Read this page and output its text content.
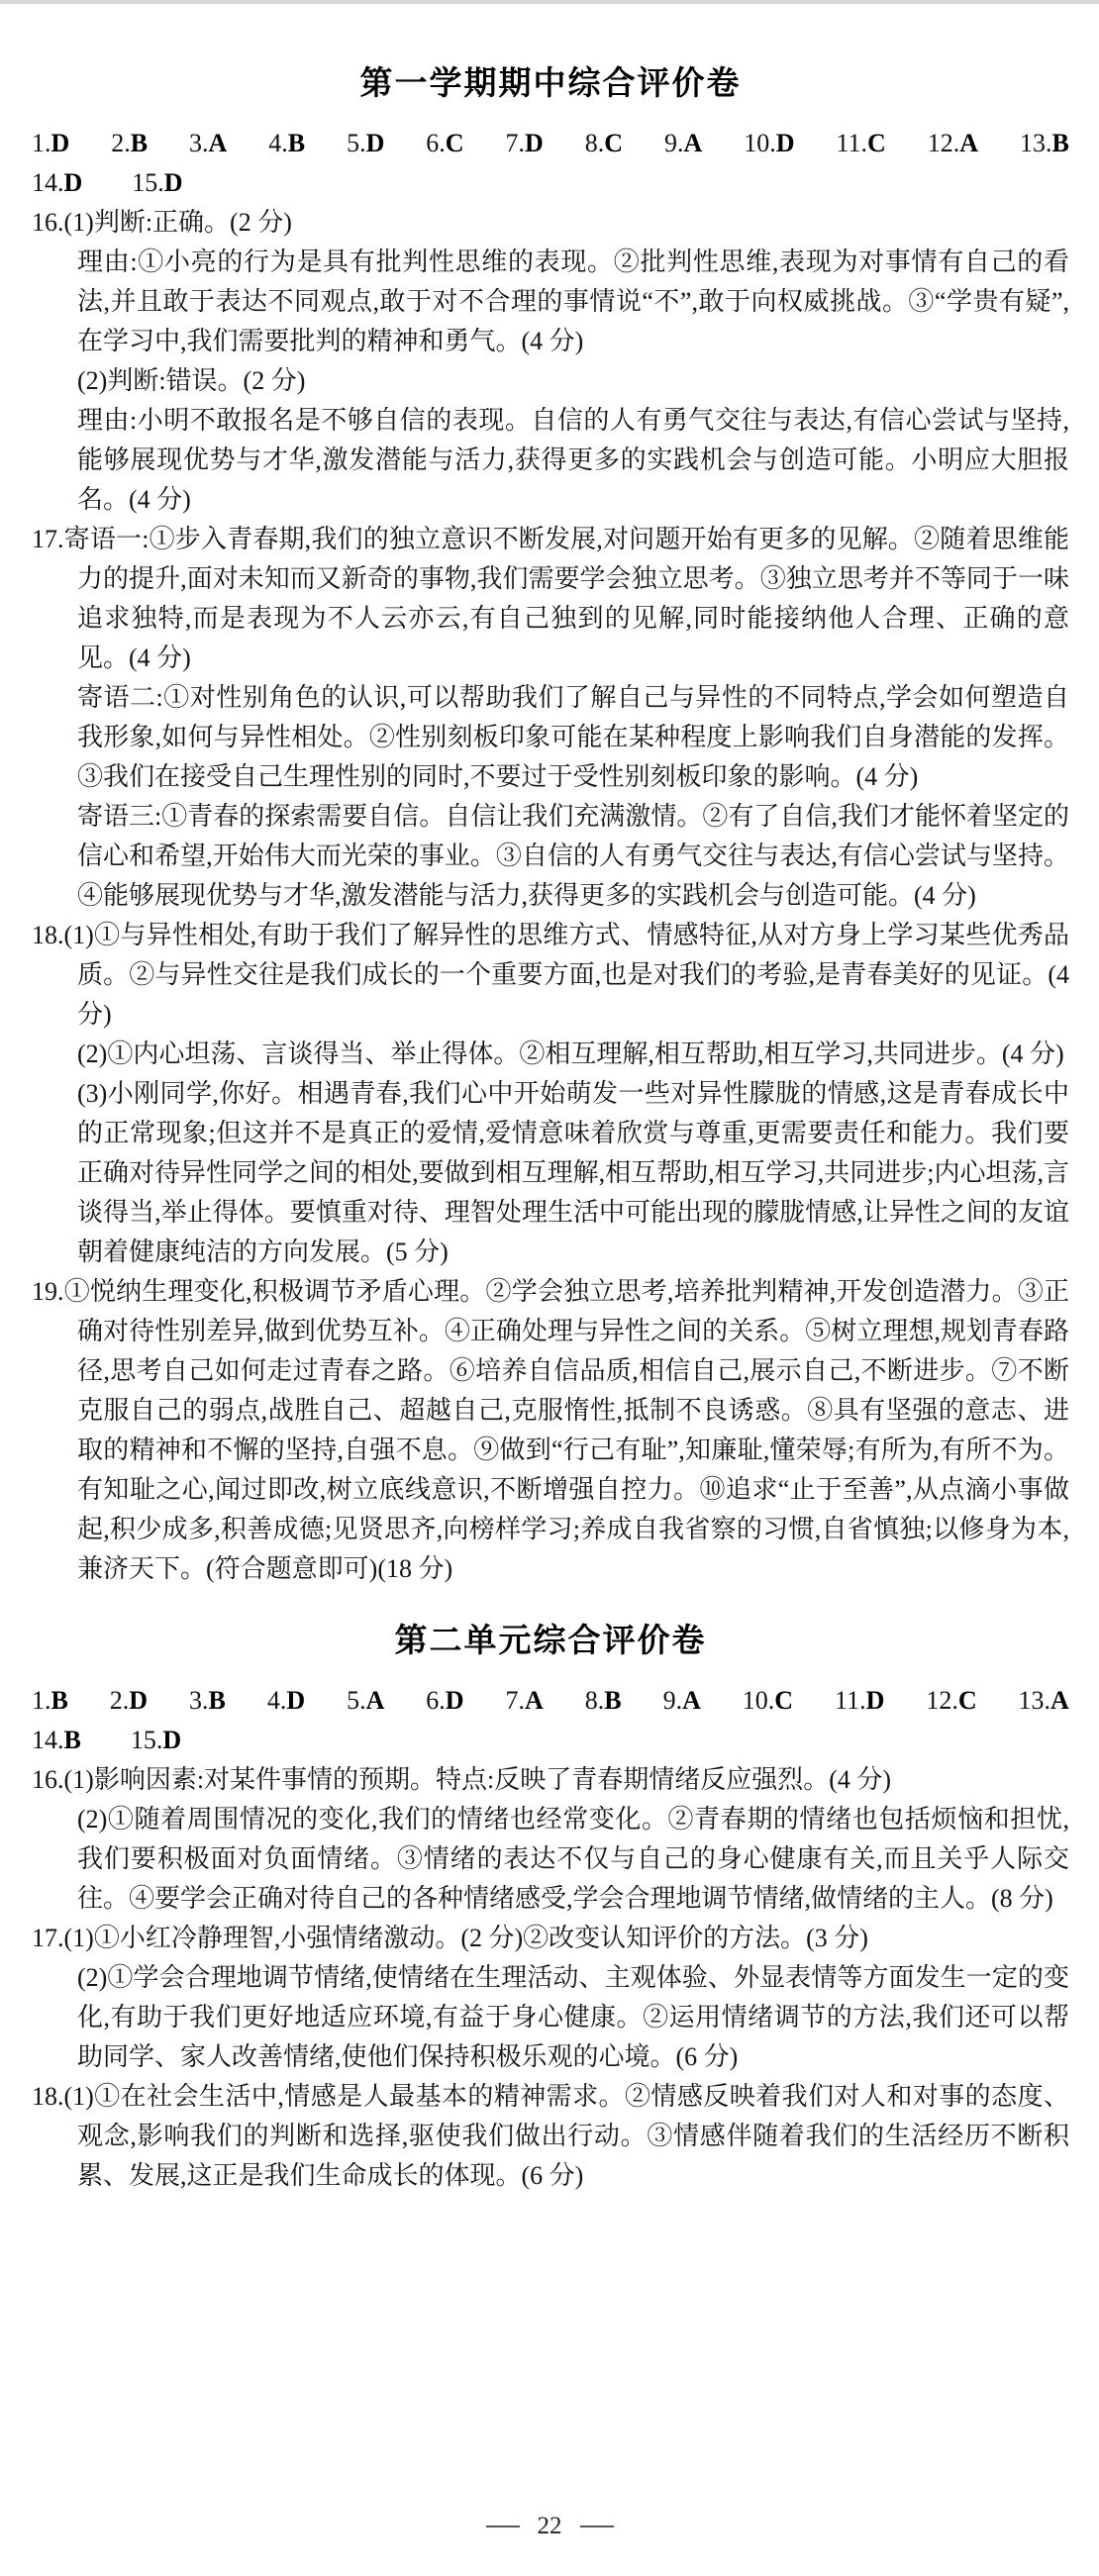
第一学期期中综合评价卷
1.D 2.B 3.A 4.B 5.D 6.C 7.D 8.C 9.A 10.D 11.C 12.A 13.B
14.D 15.D

16.(1)判断:正确。(2 分)

理由:①小亮的行为是具有批判性思维的表现。②批判性思维,表现为对事情有自己的看法,并且敢于表达不同观点,敢于对不合理的事情说“不”,敢于向权威挑战。③“学贵有疑”,在学习中,我们需要批判的精神和勇气。(4 分)

(2)判断:错误。(2 分)

理由:小明不敢报名是不够自信的表现。自信的人有勇气交往与表达,有信心尝试与坚持,能够展现优势与才华,激发潜能与活力,获得更多的实践机会与创造可能。小明应大胆报名。(4 分)

17.寄语一:①步入青春期,我们的独立意识不断发展,对问题开始有更多的见解。②随着思维能力的提升,面对未知而又新奇的事物,我们需要学会独立思考。③独立思考并不等同于一味追求独特,而是表现为不人云亦云,有自己独到的见解,同时能接纳他人合理、正确的意见。(4 分)

寄语二:①对性别角色的认识,可以帮助我们了解自己与异性的不同特点,学会如何塑造自我形象,如何与异性相处。②性别刻板印象可能在某种程度上影响我们自身潜能的发挥。③我们在接受自己生理性别的同时,不要过于受性别刻板印象的影响。(4 分)

寄语三:①青春的探索需要自信。自信让我们充满激情。②有了自信,我们才能怀着坚定的信心和希望,开始伟大而光荣的事业。③自信的人有勇气交往与表达,有信心尝试与坚持。④能够展现优势与才华,激发潜能与活力,获得更多的实践机会与创造可能。(4 分)

18.(1)①与异性相处,有助于我们了解异性的思维方式、情感特征,从对方身上学习某些优秀品质。②与异性交往是我们成长的一个重要方面,也是对我们的考验,是青春美好的见证。(4 分)

(2)①内心坦荡、言谈得当、举止得体。②相互理解,相互帮助,相互学习,共同进步。(4 分)

(3)小刚同学,你好。相遇青春,我们心中开始萌发一些对异性朦胧的情感,这是青春成长中的正常现象;但这并不是真正的爱情,爱情意味着欣赏与尊重,更需要责任和能力。我们要正确对待异性同学之间的相处,要做到相互理解,相互帮助,相互学习,共同进步;内心坦荡,言谈得当,举止得体。要慎重对待、理智处理生活中可能出现的朦胧情感,让异性之间的友谊朝着健康纯洁的方向发展。(5 分)

19.①悦纳生理变化,积极调节矛盾心理。②学会独立思考,培养批判精神,开发创造潜力。③正确对待性别差异,做到优势互补。④正确处理与异性之间的关系。⑤树立理想,规划青春路径,思考自己如何走过青春之路。⑥培养自信品质,相信自己,展示自己,不断进步。⑦不断克服自己的弱点,战胜自己、超越自己,克服惰性,抵制不良诱惑。⑧具有坚强的意志、进取的精神和不懈的坚持,自强不息。⑨做到“行己有耻”,知廉耻,懂荣辱;有所为,有所不为。有知耻之心,闻过即改,树立底线意识,不断增强自控力。⑩追求“止于至善”,从点滴小事做起,积少成多,积善成德;见贤思齐,向榜样学习;养成自我省察的习惯,自省慎独;以修身为本,兼济天下。(符合题意即可)(18 分)

第二单元综合评价卷
1.B 2.D 3.B 4.D 5.A 6.D 7.A 8.B 9.A 10.C 11.D 12.C 13.A
14.B 15.D

16.(1)影响因素:对某件事情的预期。特点:反映了青春期情绪反应强烈。(4 分)

(2)①随着周围情况的变化,我们的情绪也经常变化。②青春期的情绪也包括烦恼和担忧,我们要积极面对负面情绪。③情绪的表达不仅与自己的身心健康有关,而且关乎人际交往。④要学会正确对待自己的各种情绪感受,学会合理地调节情绪,做情绪的主人。(8 分)

17.(1)①小红冷静理智,小强情绪激动。(2 分)②改变认知评价的方法。(3 分)

(2)①学会合理地调节情绪,使情绪在生理活动、主观体验、外显表情等方面发生一定的变化,有助于我们更好地适应环境,有益于身心健康。②运用情绪调节的方法,我们还可以帮助同学、家人改善情绪,使他们保持积极乐观的心境。(6 分)

18.(1)①在社会生活中,情感是人最基本的精神需求。②情感反映着我们对人和对事的态度、观念,影响我们的判断和选择,驱使我们做出行动。③情感伴随着我们的生活经历不断积累、发展,这正是我们生命成长的体现。(6 分)

22
